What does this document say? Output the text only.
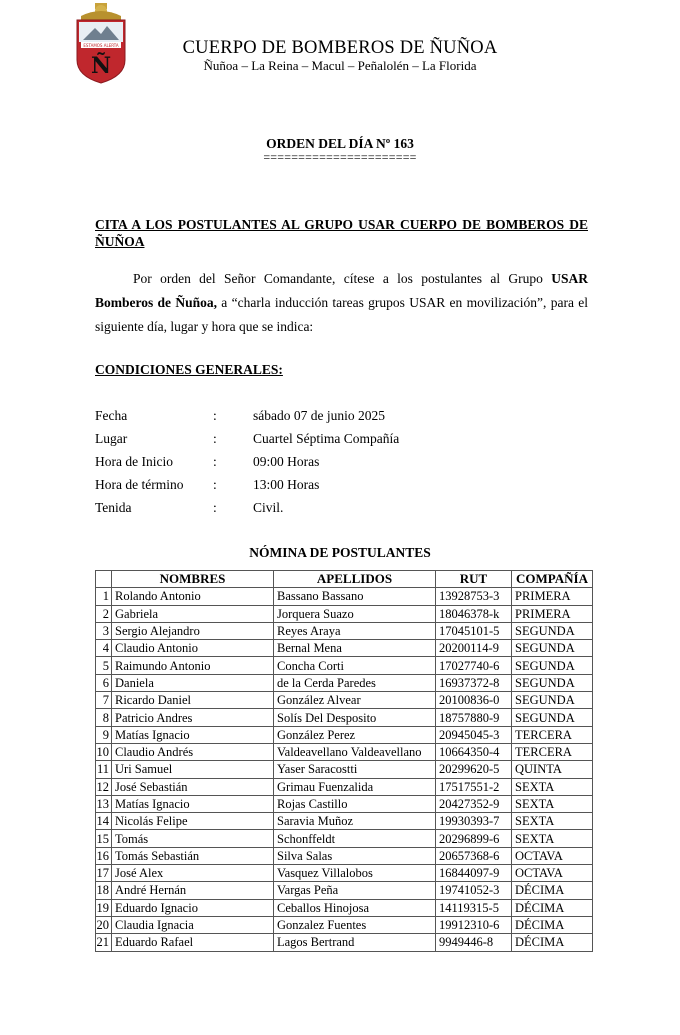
ESTAMOS ALERTA
Ñ
CUERPO DE BOMBEROS DE ÑUÑOA
Ñuñoa – La Reina – Macul – Peñalolén – La Florida
ORDEN DEL DÍA Nº 163
======================
CITA A LOS POSTULANTES AL GRUPO USAR CUERPO DE BOMBEROS DE
ÑUÑOA
Por orden del Señor Comandante, cítese a los postulantes al Grupo USAR
Bomberos de Ñuñoa, a “charla inducción tareas grupos USAR en movilización”, para el
siguiente día, lugar y hora que se indica:
CONDICIONES GENERALES:
Fecha	:	sábado 07 de junio 2025
Lugar	:	Cuartel Séptima Compañía
Hora de Inicio	:	09:00 Horas
Hora de término :	13:00 Horas
Tenida	:	Civil.
NÓMINA DE POSTULANTES
	NOMBRES	APELLIDOS	RUT	COMPAÑÍA
1	Rolando Antonio	Bassano Bassano	13928753-3	PRIMERA
2	Gabriela	Jorquera Suazo	18046378-k	PRIMERA
3	Sergio Alejandro	Reyes Araya	17045101-5	SEGUNDA
4	Claudio Antonio	Bernal Mena	20200114-9	SEGUNDA
5	Raimundo Antonio	Concha Corti	17027740-6	SEGUNDA
6	Daniela	de la Cerda Paredes	16937372-8	SEGUNDA
7	Ricardo Daniel	González Alvear	20100836-0	SEGUNDA
8	Patricio Andres	Solís Del Desposito	18757880-9	SEGUNDA
9	Matías Ignacio	González Perez	20945045-3	TERCERA
10	Claudio Andrés	Valdeavellano Valdeavellano	10664350-4	TERCERA
11	Uri Samuel	Yaser Saracostti	20299620-5	QUINTA
12	José Sebastián	Grimau Fuenzalida	17517551-2	SEXTA
13	Matías Ignacio	Rojas Castillo	20427352-9	SEXTA
14	Nicolás Felipe	Saravia Muñoz	19930393-7	SEXTA
15	Tomás	Schonffeldt	20296899-6	SEXTA
16	Tomás Sebastián	Silva Salas	20657368-6	OCTAVA
17	José Alex	Vasquez Villalobos	16844097-9	OCTAVA
18	André Hernán	Vargas Peña	19741052-3	DÉCIMA
19	Eduardo Ignacio	Ceballos Hinojosa	14119315-5	DÉCIMA
20	Claudia Ignacia	Gonzalez Fuentes	19912310-6	DÉCIMA
21	Eduardo Rafael	Lagos Bertrand	9949446-8	DÉCIMA
